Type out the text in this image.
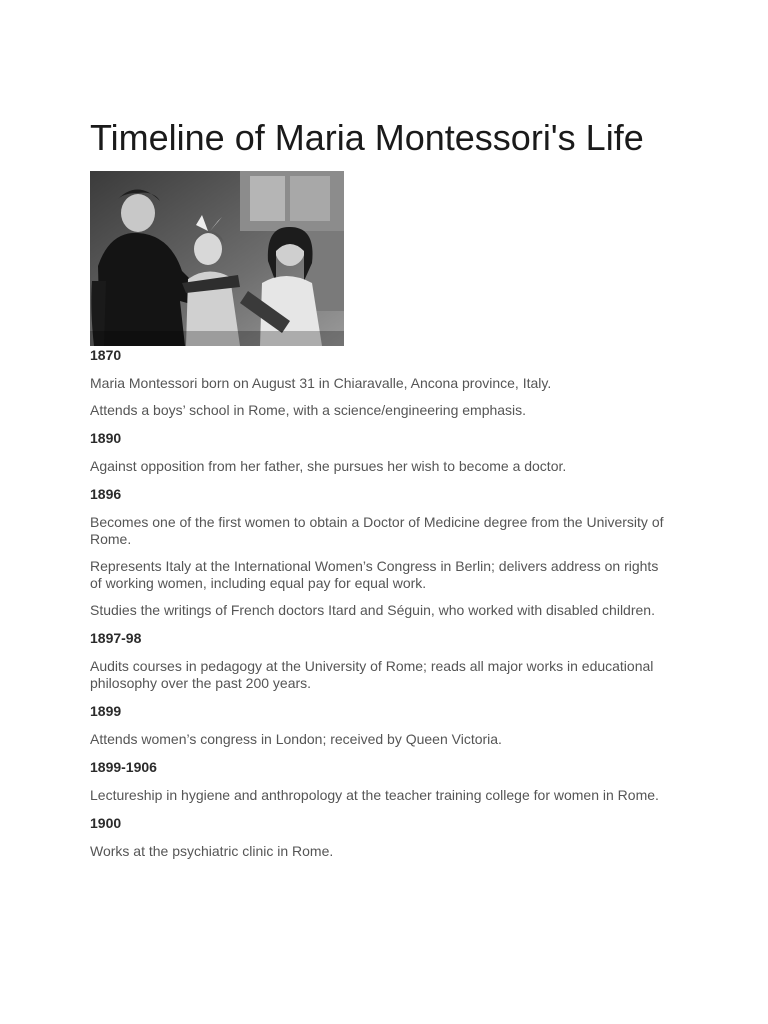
Timeline of Maria Montessori's Life

1870

Maria Montessori born on August 31 in Chiaravalle, Ancona province, Italy.

Attends a boys’ school in Rome, with a science/engineering emphasis.

1890

Against opposition from her father, she pursues her wish to become a doctor.

1896

Becomes one of the first women to obtain a Doctor of Medicine degree from the University of Rome.

Represents Italy at the International Women’s Congress in Berlin; delivers address on rights of working women, including equal pay for equal work.

Studies the writings of French doctors Itard and Séguin, who worked with disabled children.

1897-98

Audits courses in pedagogy at the University of Rome; reads all major works in educational philosophy over the past 200 years.

1899

Attends women’s congress in London; received by Queen Victoria.

1899-1906

Lectureship in hygiene and anthropology at the teacher training college for women in Rome.

1900

Works at the psychiatric clinic in Rome.
